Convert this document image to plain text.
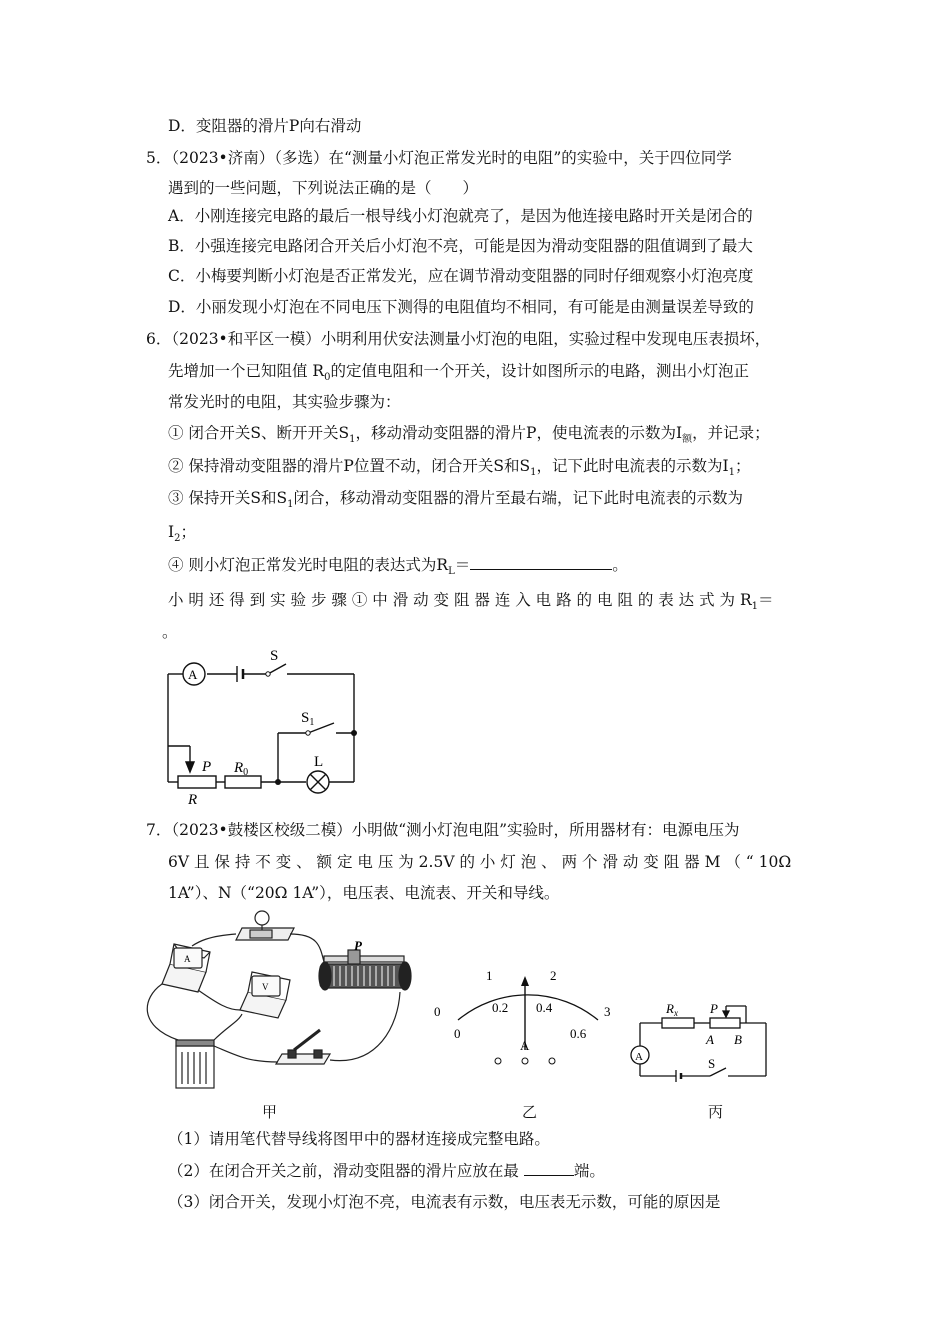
D．变阻器的滑片P向右滑动
5．（2023•济南）（多选）在“测量小灯泡正常发光时的电阻”的实验中，关于四位同学
遇到的一些问题，下列说法正确的是（　　）
A．小刚连接完电路的最后一根导线小灯泡就亮了，是因为他连接电路时开关是闭合的
B．小强连接完电路闭合开关后小灯泡不亮，可能是因为滑动变阻器的阻值调到了最大
C．小梅要判断小灯泡是否正常发光，应在调节滑动变阻器的同时仔细观察小灯泡亮度
D．小丽发现小灯泡在不同电压下测得的电阻值均不相同，有可能是由测量误差导致的
6．（2023•和平区一模）小明利用伏安法测量小灯泡的电阻，实验过程中发现电压表损坏，
先增加一个已知阻值 $R_0$的定值电阻和一个开关，设计如图所示的电路，测出小灯泡正
常发光时的电阻，其实验步骤为：
① 闭合开关S、断开开关$S_1$，移动滑动变阻器的滑片P，使电流表的示数为$I_额$，并记录；
② 保持滑动变阻器的滑片P位置不动，闭合开关S和$S_1$，记下此时电流表的示数为$I_1$；
③ 保持开关S和$S_1$闭合，移动滑动变阻器的滑片至最右端，记下此时电流表的示数为
$I_2$；
④ 则小灯泡正常发光时电阻的表达式为$R_L=$	。
小 明 还 得 到 实 验 步 骤 ① 中 滑 动 变 阻 器 连 入 电 路 的 电 阻 的 表 达 式 为 $R_1=$
。
A
S
$S_1$
P
R
$R_0$
L
7．（2023•鼓楼区校级二模）小明做“测小灯泡电阻”实验时，所用器材有：电源电压为
6V 且 保 持 不 变 、 额 定 电 压 为 2.5V 的 小 灯 泡 、 两 个 滑 动 变 阻 器 M （ “ 10Ω
1A”）、N（“20Ω 1A”），电压表、电流表、开关和导线。
P
A
V
0
1	2
3
0
0.2 0.4
0.6
A
$R_x$ P
A B
A	S
甲	乙	丙
（1）请用笔代替导线将图甲中的器材连接成完整电路。
（2）在闭合开关之前，滑动变阻器的滑片应放在最	端。
（3）闭合开关，发现小灯泡不亮，电流表有示数，电压表无示数，可能的原因是
